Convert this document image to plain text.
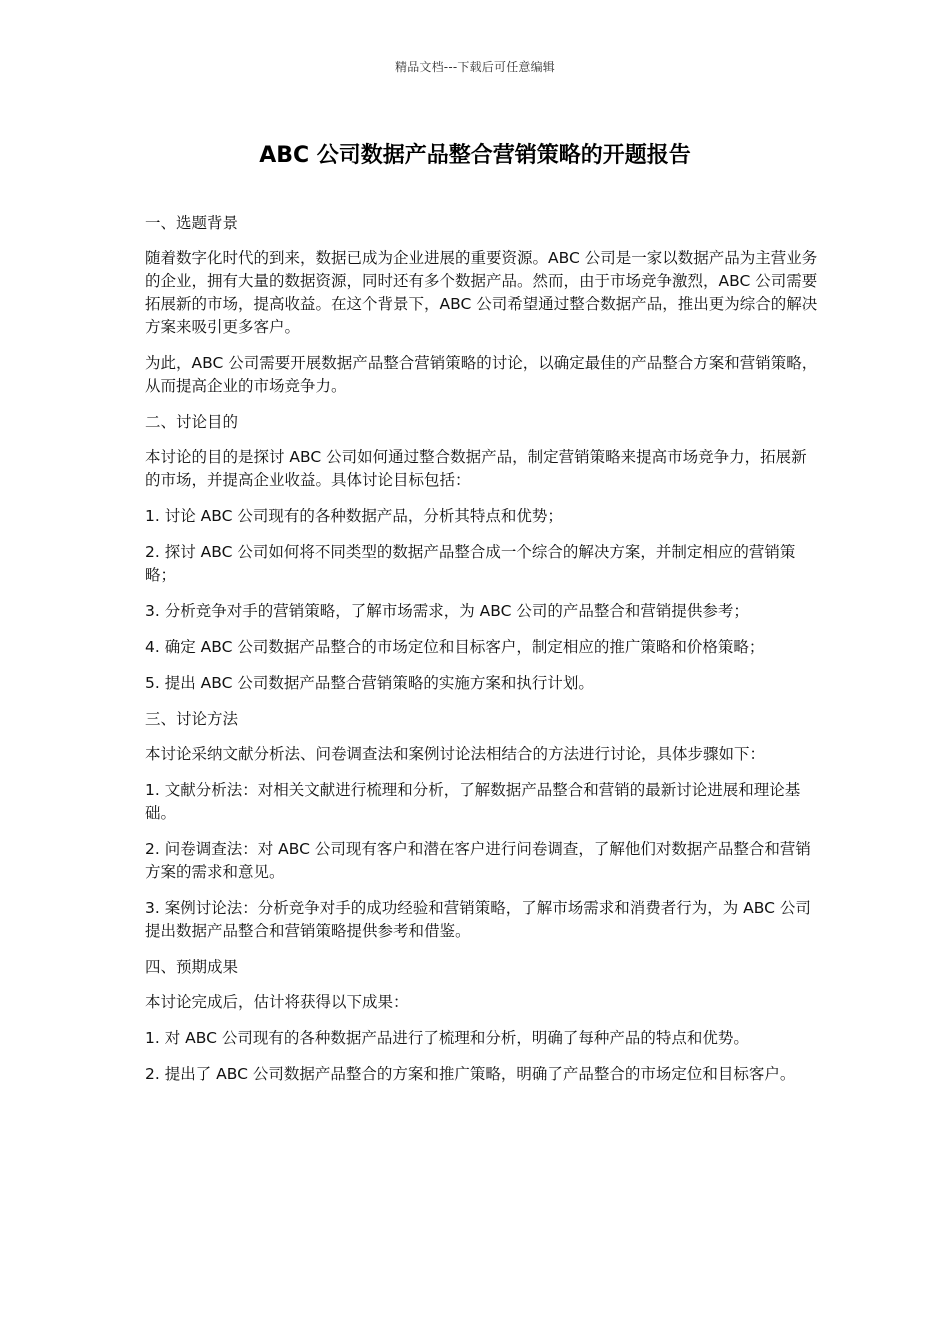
精品文档---下载后可任意编辑
ABC 公司数据产品整合营销策略的开题报告

一、选题背景

随着数字化时代的到来，数据已成为企业进展的重要资源。ABC 公司是一家以数据产品为主营业务的企业，拥有大量的数据资源，同时还有多个数据产品。然而，由于市场竞争激烈，ABC 公司需要拓展新的市场，提高收益。在这个背景下，ABC 公司希望通过整合数据产品，推出更为综合的解决方案来吸引更多客户。

为此，ABC 公司需要开展数据产品整合营销策略的讨论，以确定最佳的产品整合方案和营销策略，从而提高企业的市场竞争力。

二、讨论目的

本讨论的目的是探讨 ABC 公司如何通过整合数据产品，制定营销策略来提高市场竞争力，拓展新的市场，并提高企业收益。具体讨论目标包括：

1. 讨论 ABC 公司现有的各种数据产品，分析其特点和优势；

2. 探讨 ABC 公司如何将不同类型的数据产品整合成一个综合的解决方案，并制定相应的营销策略；

3. 分析竞争对手的营销策略，了解市场需求，为 ABC 公司的产品整合和营销提供参考；

4. 确定 ABC 公司数据产品整合的市场定位和目标客户，制定相应的推广策略和价格策略；

5. 提出 ABC 公司数据产品整合营销策略的实施方案和执行计划。

三、讨论方法

本讨论采纳文献分析法、问卷调查法和案例讨论法相结合的方法进行讨论，具体步骤如下：

1. 文献分析法：对相关文献进行梳理和分析，了解数据产品整合和营销的最新讨论进展和理论基础。

2. 问卷调查法：对 ABC 公司现有客户和潜在客户进行问卷调查，了解他们对数据产品整合和营销方案的需求和意见。

3. 案例讨论法：分析竞争对手的成功经验和营销策略，了解市场需求和消费者行为，为 ABC 公司提出数据产品整合和营销策略提供参考和借鉴。

四、预期成果

本讨论完成后，估计将获得以下成果：

1. 对 ABC 公司现有的各种数据产品进行了梳理和分析，明确了每种产品的特点和优势。

2. 提出了 ABC 公司数据产品整合的方案和推广策略，明确了产品整合的市场定位和目标客户。
